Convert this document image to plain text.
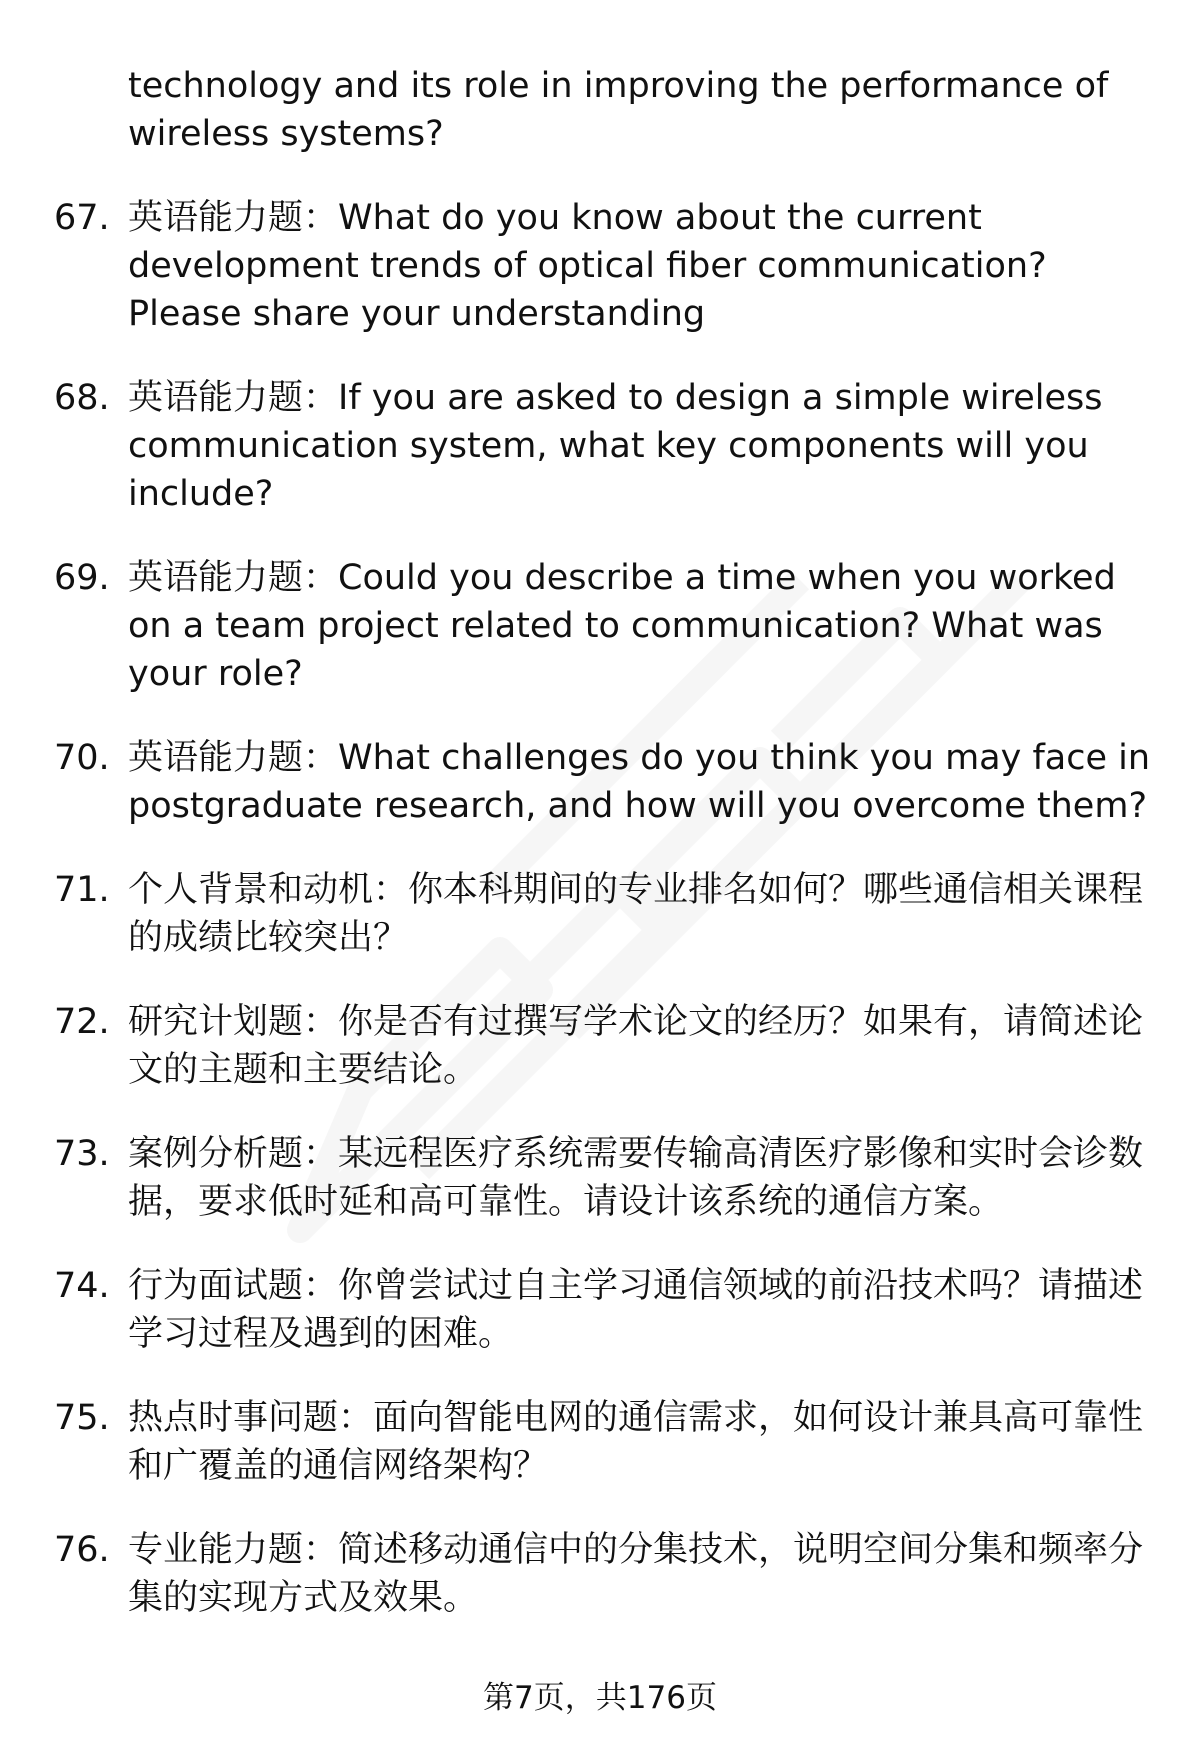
technology and its role in improving the performance of wireless systems?
67. 英语能力题：What do you know about the current development trends of optical fiber communication? Please share your understanding
68. 英语能力题：If you are asked to design a simple wireless communication system, what key components will you include?
69. 英语能力题：Could you describe a time when you worked on a team project related to communication? What was your role?
70. 英语能力题：What challenges do you think you may face in postgraduate research, and how will you overcome them?
71. 个人背景和动机：你本科期间的专业排名如何？哪些通信相关课程的成绩比较突出？
72. 研究计划题：你是否有过撰写学术论文的经历？如果有，请简述论文的主题和主要结论。
73. 案例分析题：某远程医疗系统需要传输高清医疗影像和实时会诊数据，要求低时延和高可靠性。请设计该系统的通信方案。
74. 行为面试题：你曾尝试过自主学习通信领域的前沿技术吗？请描述学习过程及遇到的困难。
75. 热点时事问题：面向智能电网的通信需求，如何设计兼具高可靠性和广覆盖的通信网络架构？
76. 专业能力题：简述移动通信中的分集技术，说明空间分集和频率分集的实现方式及效果。
第7页，共176页
